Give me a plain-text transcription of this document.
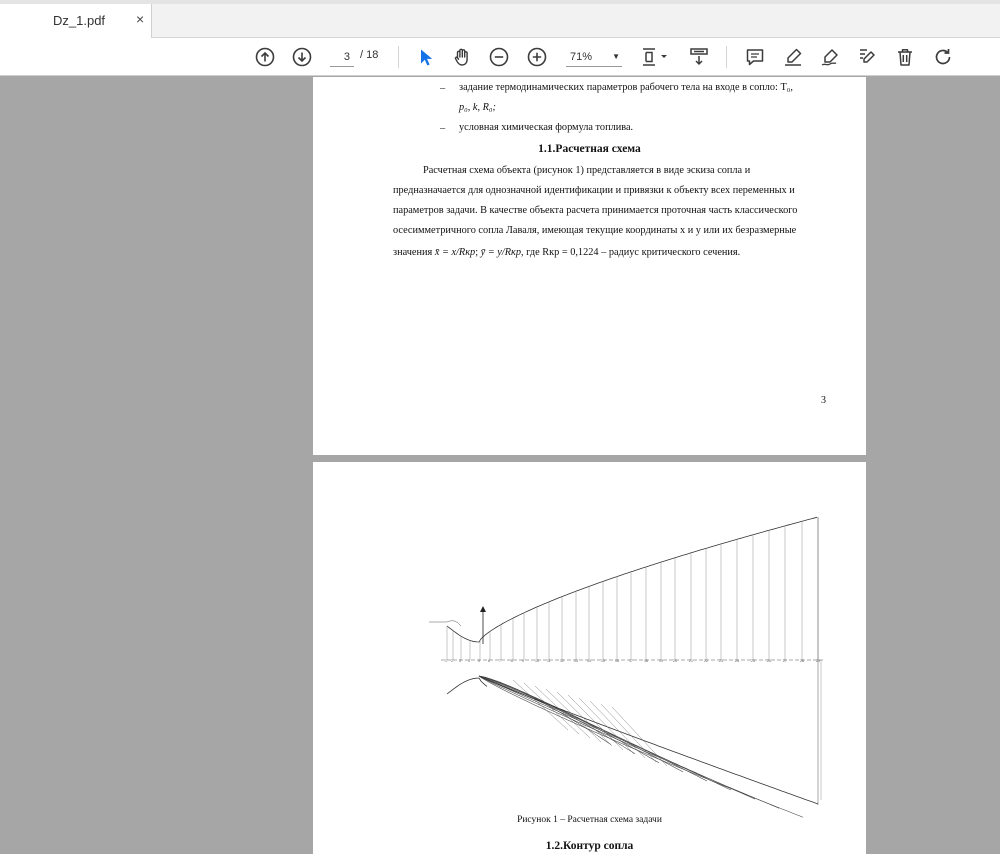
Dz_1.pdf ×
3 / 18	71%	▼
– задание термодинамических параметров рабочего тела на входе в сопло: T₀,
p₀, k, R₀;
– условная химическая формула топлива.
1.1.Расчетная схема
Расчетная схема объекта (рисунок 1) представляется в виде эскиза сопла и
предназначается для однозначной идентификации и привязки к объекту всех переменных и
параметров задачи. В качестве объекта расчета принимается проточная часть классического
осесимметричного сопла Лаваля, имеющая текущие координаты x и y или их безразмерные
значения x̄ = x/Rкр; ȳ = y/Rкр, где Rкр = 0,1224 – радиус критического сечения.
3
1 2 3 4 5 6	7	8	9	10 11	12	13	14	15	16	17	18	19	20	21	22	23	24	25	26	27	28	29
Рисунок 1 – Расчетная схема задачи
1.2.Контур сопла
